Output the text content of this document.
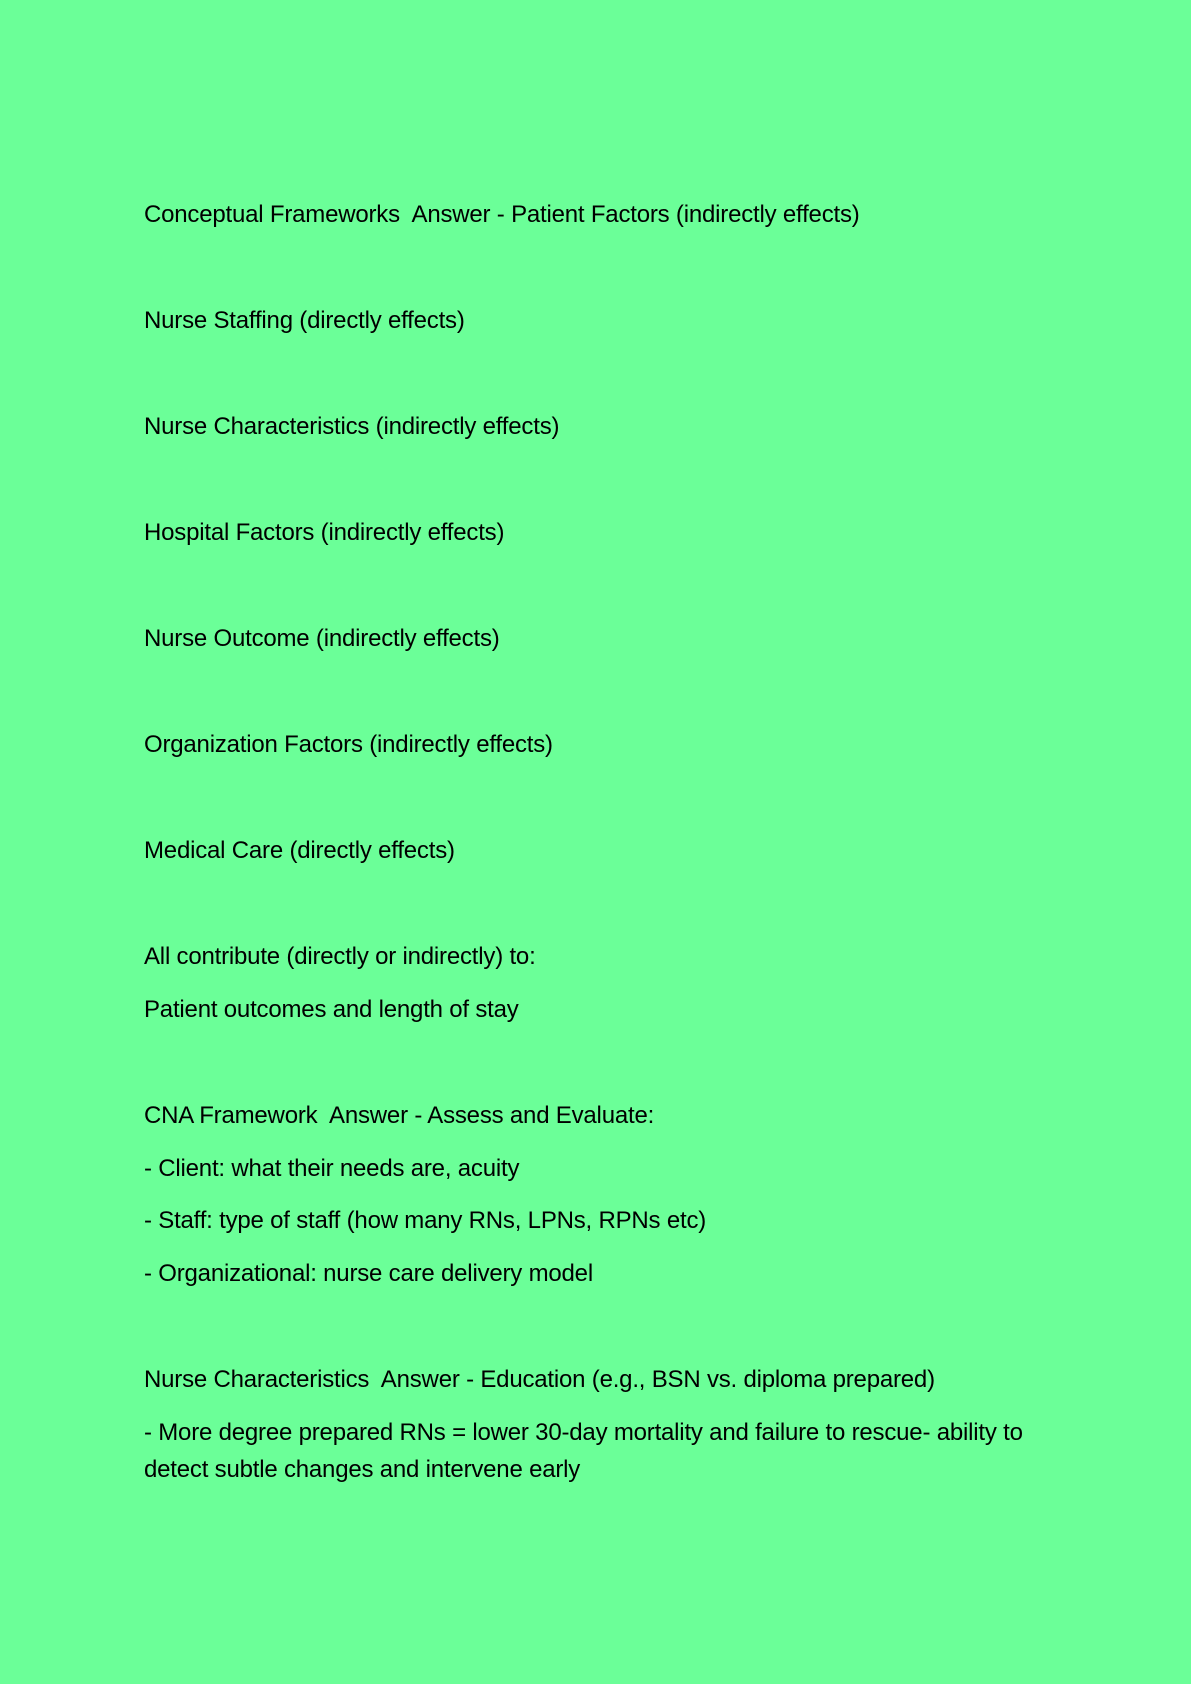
Conceptual Frameworks  Answer - Patient Factors (indirectly effects)

Nurse Staffing (directly effects)

Nurse Characteristics (indirectly effects)

Hospital Factors (indirectly effects)

Nurse Outcome (indirectly effects)

Organization Factors (indirectly effects)

Medical Care (directly effects)

All contribute (directly or indirectly) to:

Patient outcomes and length of stay

CNA Framework  Answer - Assess and Evaluate:

- Client: what their needs are, acuity

- Staff: type of staff (how many RNs, LPNs, RPNs etc)

- Organizational: nurse care delivery model

Nurse Characteristics  Answer - Education (e.g., BSN vs. diploma prepared)

- More degree prepared RNs = lower 30-day mortality and failure to rescue- ability to detect subtle changes and intervene early
